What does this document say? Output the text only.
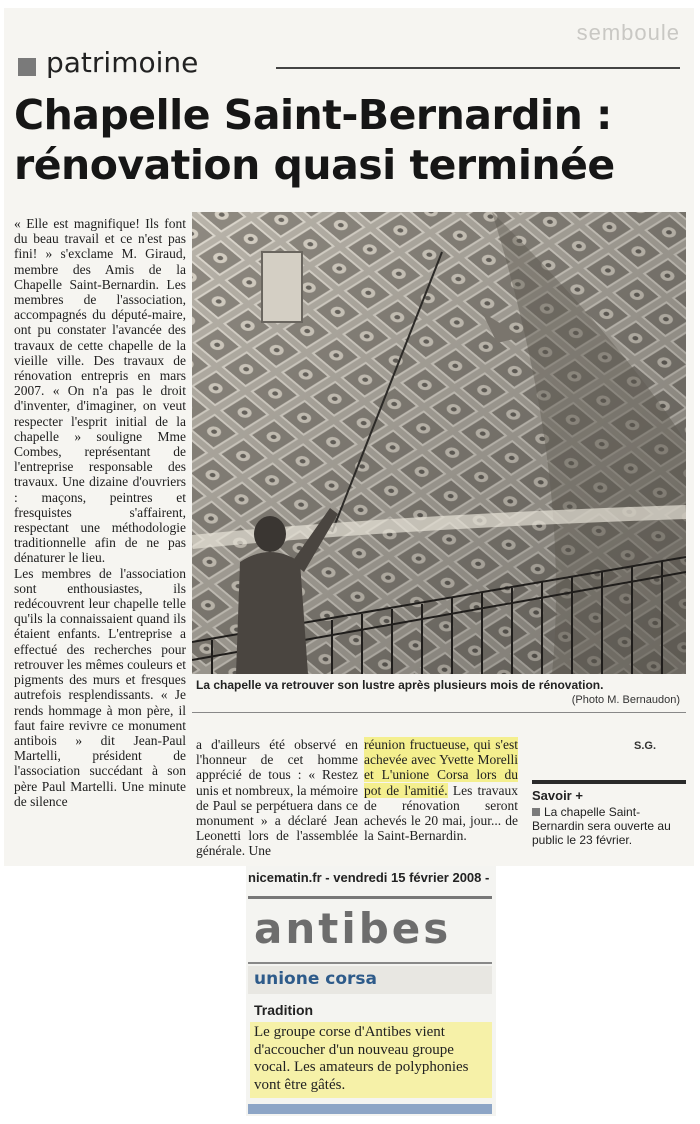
semboule
patrimoine
Chapelle Saint-Bernardin :
rénovation quasi terminée

« Elle est magnifique! Ils font du beau travail et ce n'est pas fini! » s'exclame M. Giraud, membre des Amis de la Chapelle Saint-Bernardin. Les membres de l'association, accompagnés du député-maire, ont pu constater l'avancée des travaux de cette chapelle de la vieille ville. Des travaux de rénovation entrepris en mars 2007. « On n'a pas le droit d'inventer, d'imaginer, on veut respecter l'esprit initial de la chapelle » souligne Mme Combes, représentant de l'entreprise responsable des travaux. Une dizaine d'ouvriers : maçons, peintres et fresquistes s'affairent, respectant une méthodologie traditionnelle afin de ne pas dénaturer le lieu.

Les membres de l'association sont enthousiastes, ils redécouvrent leur chapelle telle qu'ils la connaissaient quand ils étaient enfants. L'entreprise a effectué des recherches pour retrouver les mêmes couleurs et pigments des murs et fresques autrefois resplendissants. « Je rends hommage à mon père, il faut faire revivre ce monument antibois » dit Jean-Paul Martelli, président de l'association succédant à son père Paul Martelli. Une minute de silence

La chapelle va retrouver son lustre après plusieurs mois de rénovation.
(Photo M. Bernaudon)

a d'ailleurs été observé en l'honneur de cet homme apprécié de tous : « Restez unis et nombreux, la mémoire de Paul se perpétuera dans ce monument » a déclaré Jean Leonetti lors de l'assemblée générale. Une

réunion fructueuse, qui s'est achevée avec Yvette Morelli et L'unione Corsa lors du pot de l'amitié. Les travaux de rénovation seront achevés le 20 mai, jour... de la Saint-Bernardin.

S.G.
Savoir +
La chapelle Saint-Bernardin sera ouverte au public le 23 février.
nicematin.fr - vendredi 15 février 2008 -
antibes
unione corsa
Tradition
Le groupe corse d'Antibes vient d'accoucher d'un nouveau groupe vocal. Les amateurs de polyphonies vont être gâtés.
